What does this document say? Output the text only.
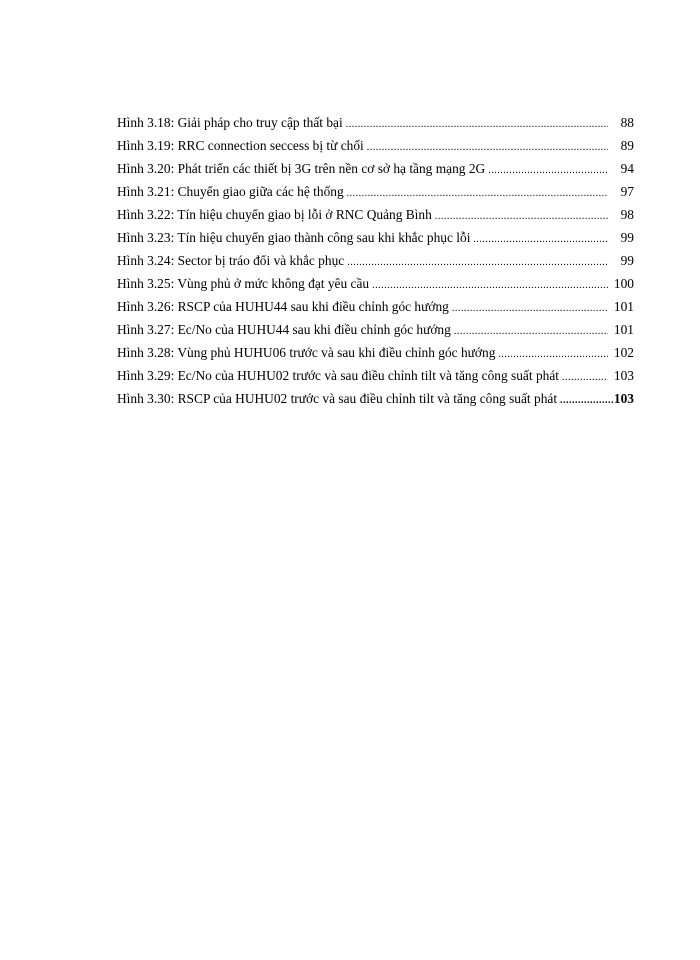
Hình 3.18: Giải pháp cho truy cập thất bại .....	88
Hình 3.19: RRC connection seccess bị từ chối .....	89
Hình 3.20: Phát triển các thiết bị 3G trên nền cơ sở hạ tầng mạng 2G .....	94
Hình 3.21: Chuyển giao giữa các hệ thống .....	97
Hình 3.22: Tín hiệu chuyển giao bị lỗi ở RNC Quảng Bình .....	98
Hình 3.23: Tín hiệu chuyển giao thành công sau khi khắc phục lỗi .....	99
Hình 3.24: Sector bị tráo đổi và khắc phục .....	99
Hình 3.25: Vùng phủ ở mức không đạt yêu cầu .....	100
Hình 3.26: RSCP của HUHU44 sau khi điều chỉnh góc hướng .....	101
Hình 3.27: Ec/No của HUHU44 sau khi điều chỉnh góc hướng .....	101
Hình 3.28: Vùng phủ HUHU06 trước và sau khi điều chỉnh góc hướng .....	102
Hình 3.29: Ec/No của HUHU02 trước và sau điều chỉnh tilt và tăng công suất phát .....	103
Hình 3.30: RSCP của HUHU02 trước và sau điều chỉnh tilt và tăng công suất phát .....	103
